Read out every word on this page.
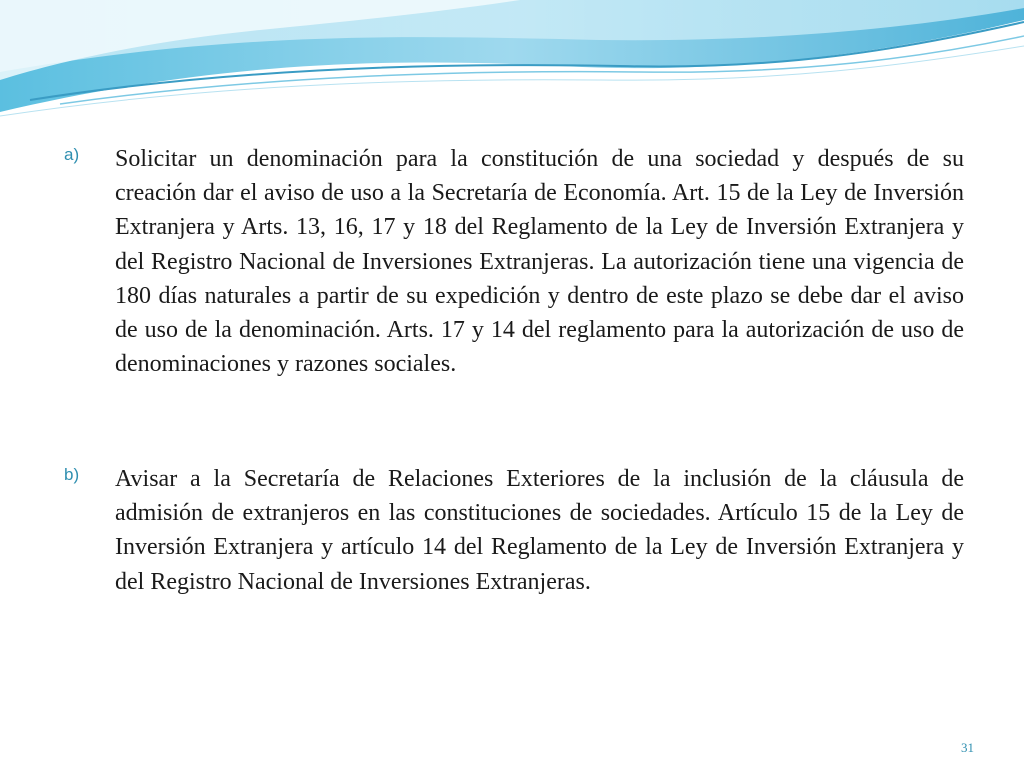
a)	Solicitar un denominación para la constitución de una sociedad y después de su creación dar el aviso de uso a la Secretaría de Economía. Art. 15 de la Ley de Inversión Extranjera y Arts. 13, 16, 17 y 18 del Reglamento de la Ley de Inversión Extranjera y del Registro Nacional de Inversiones Extranjeras. La autorización tiene una vigencia de 180 días naturales a partir de su expedición y dentro de este plazo se debe dar el aviso de uso de la denominación. Arts. 17 y 14 del reglamento para la autorización de uso de denominaciones y razones sociales.
b)	Avisar a la Secretaría de Relaciones Exteriores de la inclusión de la cláusula de admisión de extranjeros en las constituciones de sociedades. Artículo 15 de la Ley de Inversión Extranjera y artículo 14 del Reglamento de la Ley de Inversión Extranjera y del Registro Nacional de Inversiones Extranjeras.
31
